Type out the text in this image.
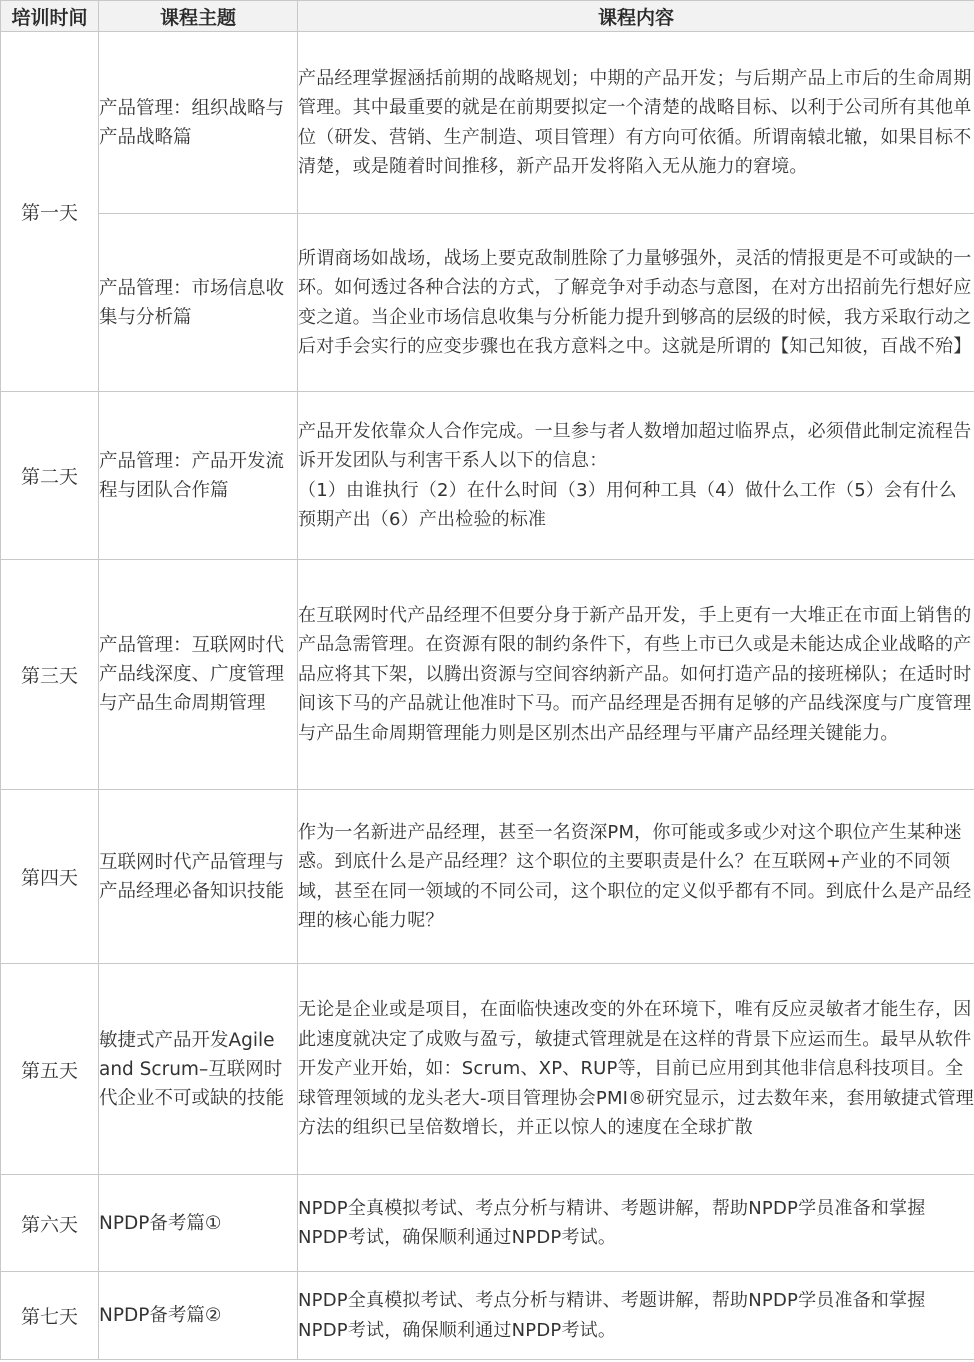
培训时间	课程主题	课程内容
第一天	产品管理：组织战略与产品战略篇	产品经理掌握涵括前期的战略规划；中期的产品开发；与后期产品上市后的生命周期管理。其中最重要的就是在前期要拟定一个清楚的战略目标、以利于公司所有其他单位（研发、营销、生产制造、项目管理）有方向可依循。所谓南辕北辙，如果目标不清楚，或是随着时间推移，新产品开发将陷入无从施力的窘境。
	产品管理：市场信息收集与分析篇	所谓商场如战场，战场上要克敌制胜除了力量够强外，灵活的情报更是不可或缺的一环。如何透过各种合法的方式，了解竞争对手动态与意图，在对方出招前先行想好应变之道。当企业市场信息收集与分析能力提升到够高的层级的时候，我方采取行动之后对手会实行的应变步骤也在我方意料之中。这就是所谓的【知己知彼，百战不殆】
第二天	产品管理：产品开发流程与团队合作篇	产品开发依靠众人合作完成。一旦参与者人数增加超过临界点，必须借此制定流程告诉开发团队与利害干系人以下的信息：
（1）由谁执行（2）在什么时间（3）用何种工具（4）做什么工作（5）会有什么预期产出（6）产出检验的标准

第三天	产品管理：互联网时代产品线深度、广度管理与产品生命周期管理	在互联网时代产品经理不但要分身于新产品开发，手上更有一大堆正在市面上销售的产品急需管理。在资源有限的制约条件下，有些上市已久或是未能达成企业战略的产品应将其下架，以腾出资源与空间容纳新产品。如何打造产品的接班梯队；在适时时间该下马的产品就让他准时下马。而产品经理是否拥有足够的产品线深度与广度管理与产品生命周期管理能力则是区别杰出产品经理与平庸产品经理关键能力。
第四天	互联网时代产品管理与产品经理必备知识技能	作为一名新进产品经理，甚至一名资深PM，你可能或多或少对这个职位产生某种迷惑。到底什么是产品经理？这个职位的主要职责是什么？在互联网+产业的不同领域，甚至在同一领域的不同公司，这个职位的定义似乎都有不同。到底什么是产品经理的核心能力呢？
第五天	敏捷式产品开发Agile and Scrum–互联网时代企业不可或缺的技能	无论是企业或是项目，在面临快速改变的外在环境下，唯有反应灵敏者才能生存，因此速度就决定了成败与盈亏，敏捷式管理就是在这样的背景下应运而生。最早从软件开发产业开始，如：Scrum、XP、RUP等，目前已应用到其他非信息科技项目。全球管理领域的龙头老大-项目管理协会PMI®研究显示，过去数年来，套用敏捷式管理方法的组织已呈倍数增长，并正以惊人的速度在全球扩散
第六天	NPDP备考篇①	NPDP全真模拟考试、考点分析与精讲、考题讲解，帮助NPDP学员准备和掌握NPDP考试，确保顺利通过NPDP考试。
第七天	NPDP备考篇②	NPDP全真模拟考试、考点分析与精讲、考题讲解，帮助NPDP学员准备和掌握NPDP考试，确保顺利通过NPDP考试。
